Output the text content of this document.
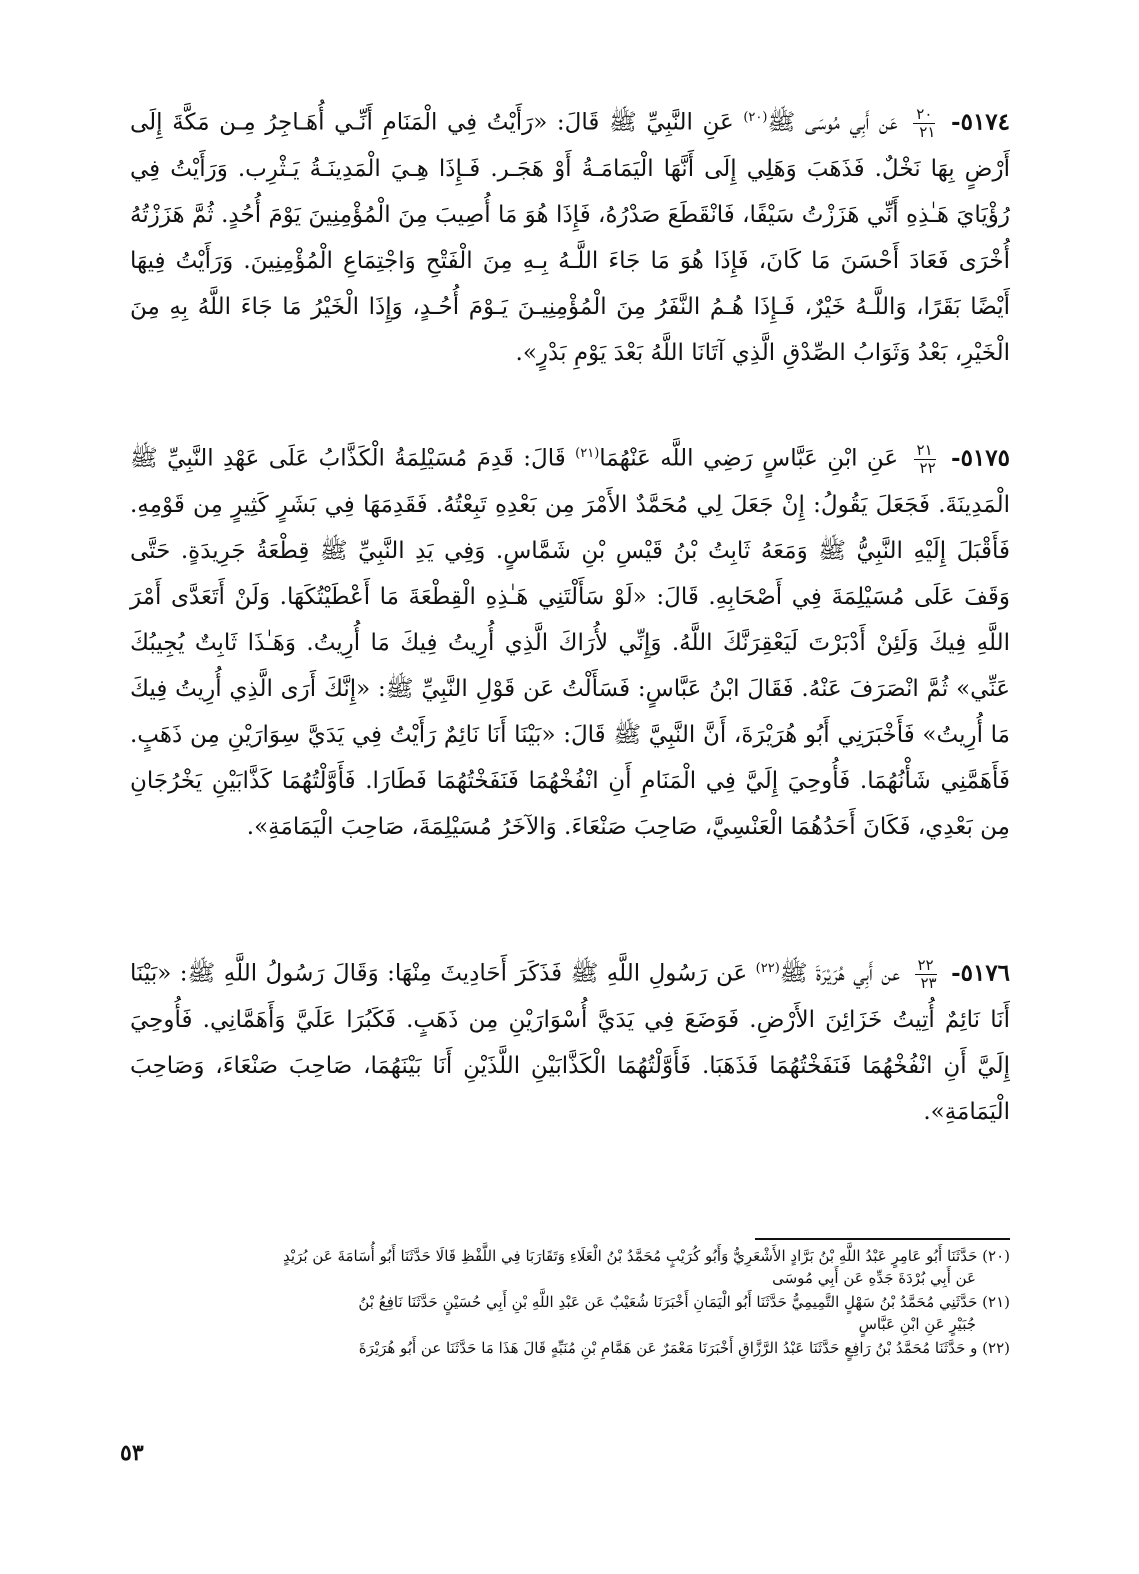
٥١٧٤-
$\frac{٢٠}{٢١}$
عَن أَبِي مُوسَى ﷺ$^{(٢٠)}$ عَنِ النَّبِيِّ ﷺ قَالَ: «رَأَيْتُ فِي الْمَنَامِ أَنِّـي أُهَـاجِرُ مِـن مَكَّةَ إِلَى أَرْضٍ بِهَا نَخْلٌ. فَذَهَبَ وَهَلِي إِلَى أَنَّهَا الْيَمَامَـةُ أَوْ هَجَـر. فَـإِذَا هِـيَ الْمَدِينَـةُ يَـثْرِب. وَرَأَيْتُ فِي رُؤْيَايَ هَـٰذِهِ أَنِّي هَزَزْتُ سَيْفًا، فَانْقَطَعَ صَدْرُهُ، فَإِذَا هُوَ مَا أُصِيبَ مِنَ الْمُؤْمِنِينَ يَوْمَ أُحُدٍ. ثُمَّ هَزَزْتُهُ أُخْرَى فَعَادَ أَحْسَنَ مَا كَانَ، فَإِذَا هُوَ مَا جَاءَ اللَّـهُ بِـهِ مِنَ الْفَتْحِ وَاجْتِمَاعِ الْمُؤْمِنِينَ. وَرَأَيْتُ فِيهَا أَيْضًا بَقَرًا، وَاللَّـهُ خَيْرٌ، فَـإِذَا هُـمُ النَّفَرُ مِنَ الْمُؤْمِنِيـنَ يَـوْمَ أُحُـدٍ، وَإِذَا الْخَيْرُ مَا جَاءَ اللَّهُ بِهِ مِنَ الْخَيْرِ، بَعْدُ وَثَوَابُ الصِّدْقِ الَّذِي آتَانَا اللَّهُ بَعْدَ يَوْمِ بَدْرٍ».
٥١٧٥-
$\frac{٢١}{٢٢}$
عَنِ ابْنِ عَبَّاسٍ رَضِي اللَّه عَنْهُمَا$^{(٢١)}$ قَالَ: قَدِمَ مُسَيْلِمَةُ الْكَذَّابُ عَلَى عَهْدِ النَّبِيِّ ﷺ الْمَدِينَةَ. فَجَعَلَ يَقُولُ: إِنْ جَعَلَ لِي مُحَمَّدٌ الأَمْرَ مِن بَعْدِهِ تَبِعْتُهُ. فَقَدِمَهَا فِي بَشَرٍ كَثِيرٍ مِن قَوْمِهِ. فَأَقْبَلَ إِلَيْهِ النَّبِيُّ ﷺ وَمَعَهُ ثَابِتُ بْنُ قَيْسِ بْنِ شَمَّاسٍ. وَفِي يَدِ النَّبِيِّ ﷺ قِطْعَةُ جَرِيدَةٍ. حَتَّى وَقَفَ عَلَى مُسَيْلِمَةَ فِي أَصْحَابِهِ. قَالَ: «لَوْ سَأَلْتَنِي هَـٰذِهِ الْقِطْعَةَ مَا أَعْطَيْتُكَهَا. وَلَنْ أَتَعَدَّى أَمْرَ اللَّهِ فِيكَ وَلَئِنْ أَدْبَرْتَ لَيَعْقِرَنَّكَ اللَّهُ. وَإِنِّي لأُرَاكَ الَّذِي أُرِيتُ فِيكَ مَا أُرِيتُ. وَهَـٰذَا ثَابِتٌ يُجِيبُكَ عَنِّي» ثُمَّ انْصَرَفَ عَنْهُ. فَقَالَ ابْنُ عَبَّاسٍ: فَسَأَلْتُ عَن قَوْلِ النَّبِيِّ ﷺ: «إِنَّكَ أَرَى الَّذِي أُرِيتُ فِيكَ مَا أُرِيتُ» فَأَخْبَرَنِي أَبُو هُرَيْرَةَ، أَنَّ النَّبِيَّ ﷺ قَالَ: «بَيْنَا أَنَا نَائِمٌ رَأَيْتُ فِي يَدَيَّ سِوَارَيْنِ مِن ذَهَبٍ. فَأَهَمَّنِي شَأْنُهُمَا. فَأُوحِيَ إِلَيَّ فِي الْمَنَامِ أَنِ انْفُخْهُمَا فَنَفَخْتُهُمَا فَطَارَا. فَأَوَّلْتُهُمَا كَذَّابَيْنِ يَخْرُجَانِ مِن بَعْدِي، فَكَانَ أَحَدُهُمَا الْعَنْسِيَّ، صَاحِبَ صَنْعَاءَ. وَالآخَرُ مُسَيْلِمَةَ، صَاحِبَ الْيَمَامَةِ».
٥١٧٦-
$\frac{٢٢}{٢٣}$
عن أَبِي هُرَيْرَةَ ﷺ$^{(٢٢)}$ عَن رَسُولِ اللَّهِ ﷺ فَذَكَرَ أَحَادِيثَ مِنْهَا: وَقَالَ رَسُولُ اللَّهِ ﷺ: «بَيْنَا أَنَا نَائِمٌ أُتِيتُ خَزَائِنَ الأَرْضِ. فَوَضَعَ فِي يَدَيَّ أُسْوَارَيْنِ مِن ذَهَبٍ. فَكَبُرَا عَلَيَّ وَأَهَمَّانِي. فَأُوحِيَ إِلَيَّ أَنِ انْفُخْهُمَا فَنَفَخْتُهُمَا فَذَهَبَا. فَأَوَّلْتُهُمَا الْكَذَّابَيْنِ اللَّذَيْنِ أَنَا بَيْنَهُمَا، صَاحِبَ صَنْعَاءَ، وَصَاحِبَ الْيَمَامَةِ».
(٢٠) حَدَّثَنَا أَبُو عَامِرٍ عَبْدُ اللَّهِ بْنُ بَرَّادٍ الأَشْعَرِيُّ وَأَبُو كُرَيْبٍ مُحَمَّدُ بْنُ الْعَلَاءِ وَتَقَارَبَا فِي اللَّفْظِ قَالَا حَدَّثَنَا أَبُو أُسَامَةَ عَن بُرَيْدٍ
عَن أَبِي بُرْدَةَ جَدِّهِ عَن أَبِي مُوسَى
(٢١) حَدَّثَنِي مُحَمَّدُ بْنُ سَهْلٍ التَّمِيمِيُّ حَدَّثَنَا أَبُو الْيَمَانِ أَخْبَرَنَا شُعَيْبٌ عَن عَبْدِ اللَّهِ بْنِ أَبِي حُسَيْنٍ حَدَّثَنَا نَافِعُ بْنُ
جُبَيْرٍ عَنِ ابْنِ عَبَّاسٍ
(٢٢) و حَدَّثَنَا مُحَمَّدُ بْنُ رَافِعٍ حَدَّثَنَا عَبْدُ الرَّزَّاقِ أَخْبَرَنَا مَعْمَرٌ عَن هَمَّامِ بْنِ مُنَبِّهٍ قَالَ هَذَا مَا حَدَّثَنَا عن أَبُو هُرَيْرَةَ
٥٣
